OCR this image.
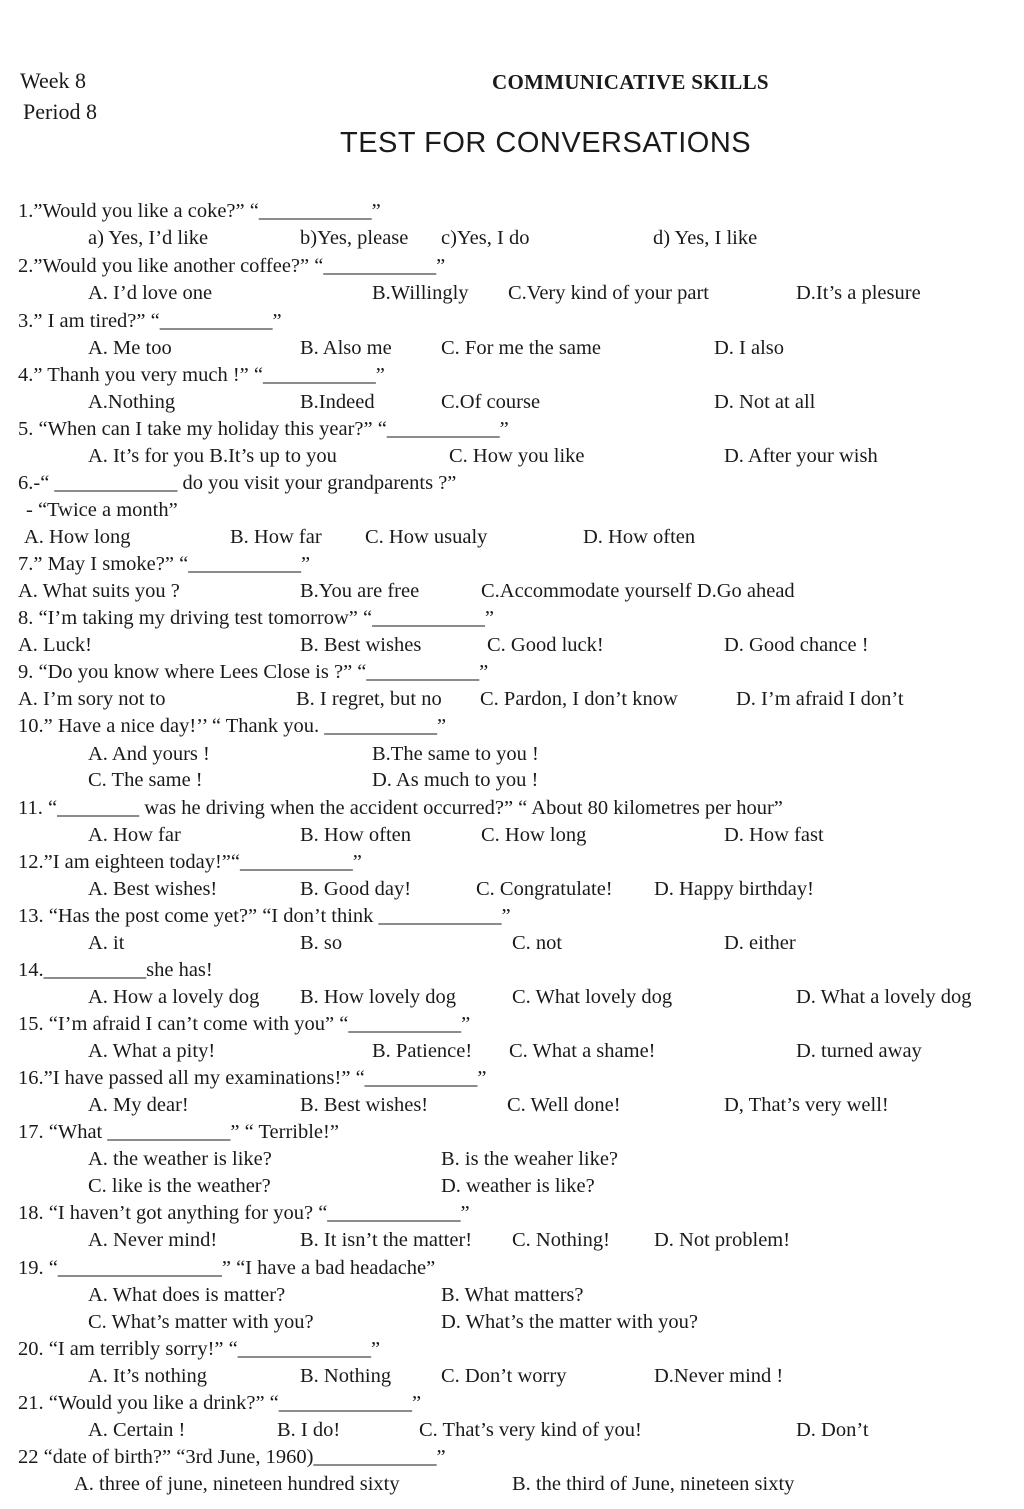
Week 8
Period 8
COMMUNICATIVE SKILLS
TEST FOR CONVERSATIONS
1.”Would you like a coke?” “___________”
a) Yes, I’d like	b)Yes, please c)Yes, I do	d) Yes, I like
2.”Would you like another coffee?” “___________”
A. I’d love one	B.Willingly C.Very kind of your part	D.It’s a plesure
3.” I am tired?” “___________”
A. Me too	B. Also me C. For me the same	D. I also
4.” Thanh you very much !” “___________”
A.Nothing	B.Indeed	C.Of course	D. Not at all
5. “When can I take my holiday this year?” “___________”
A. It’s for you B.It’s up to you	C. How you like	D. After your wish
6.-“ ____________ do you visit your grandparents ?”
- “Twice a month”
A. How long	B. How far C. How usualy	D. How often
7.” May I smoke?” “___________”
A. What suits you ?	B.You are free	C.Accommodate yourself D.Go ahead
8. “I’m taking my driving test tomorrow” “___________”
A. Luck!	B. Best wishes	C. Good luck!	D. Good chance !
9. “Do you know where Lees Close is ?” “___________”
A. I’m sory not to	B. I regret, but no C. Pardon, I don’t know	D. I’m afraid I don’t
10.” Have a nice day!’’ “ Thank you. ___________”
A. And yours !	B.The same to you !
C. The same !	D. As much to you !
11. “________ was he driving when the accident occurred?” “ About 80 kilometres per hour”
A. How far	B. How often	C. How long	D. How fast
12.”I am eighteen today!”“___________”
A. Best wishes!	B. Good day!	C. Congratulate! D. Happy birthday!
13. “Has the post come yet?” “I don’t think ____________”
A. it	B. so	C. not	D. either
14.__________she has!
A. How a lovely dog B. How lovely dog	C. What lovely dog	D. What a lovely dog
15. “I’m afraid I can’t come with you” “___________”
A. What a pity!	B. Patience! C. What a shame!	D. turned away
16.”I have passed all my examinations!” “___________”
A. My dear!	B. Best wishes!	C. Well done!	D, That’s very well!
17. “What ____________” “ Terrible!”
A. the weather is like?	B. is the weaher like?
C. like is the weather?	D. weather is like?
18. “I haven’t got anything for you? “_____________”
A. Never mind!	B. It isn’t the matter! C. Nothing! D. Not problem!
19. “________________” “I have a bad headache”
A. What does is matter?	B. What matters?
C. What’s matter with you?	D. What’s the matter with you?
20. “I am terribly sorry!” “_____________”
A. It’s nothing	B. Nothing C. Don’t worry	D.Never mind !
21. “Would you like a drink?” “_____________”
A. Certain !	B. I do!	C. That’s very kind of you!	D. Don’t
22 “date of birth?” “3rd June, 1960)____________”
A. three of june, nineteen hundred sixty	B. the third of June, nineteen sixty
